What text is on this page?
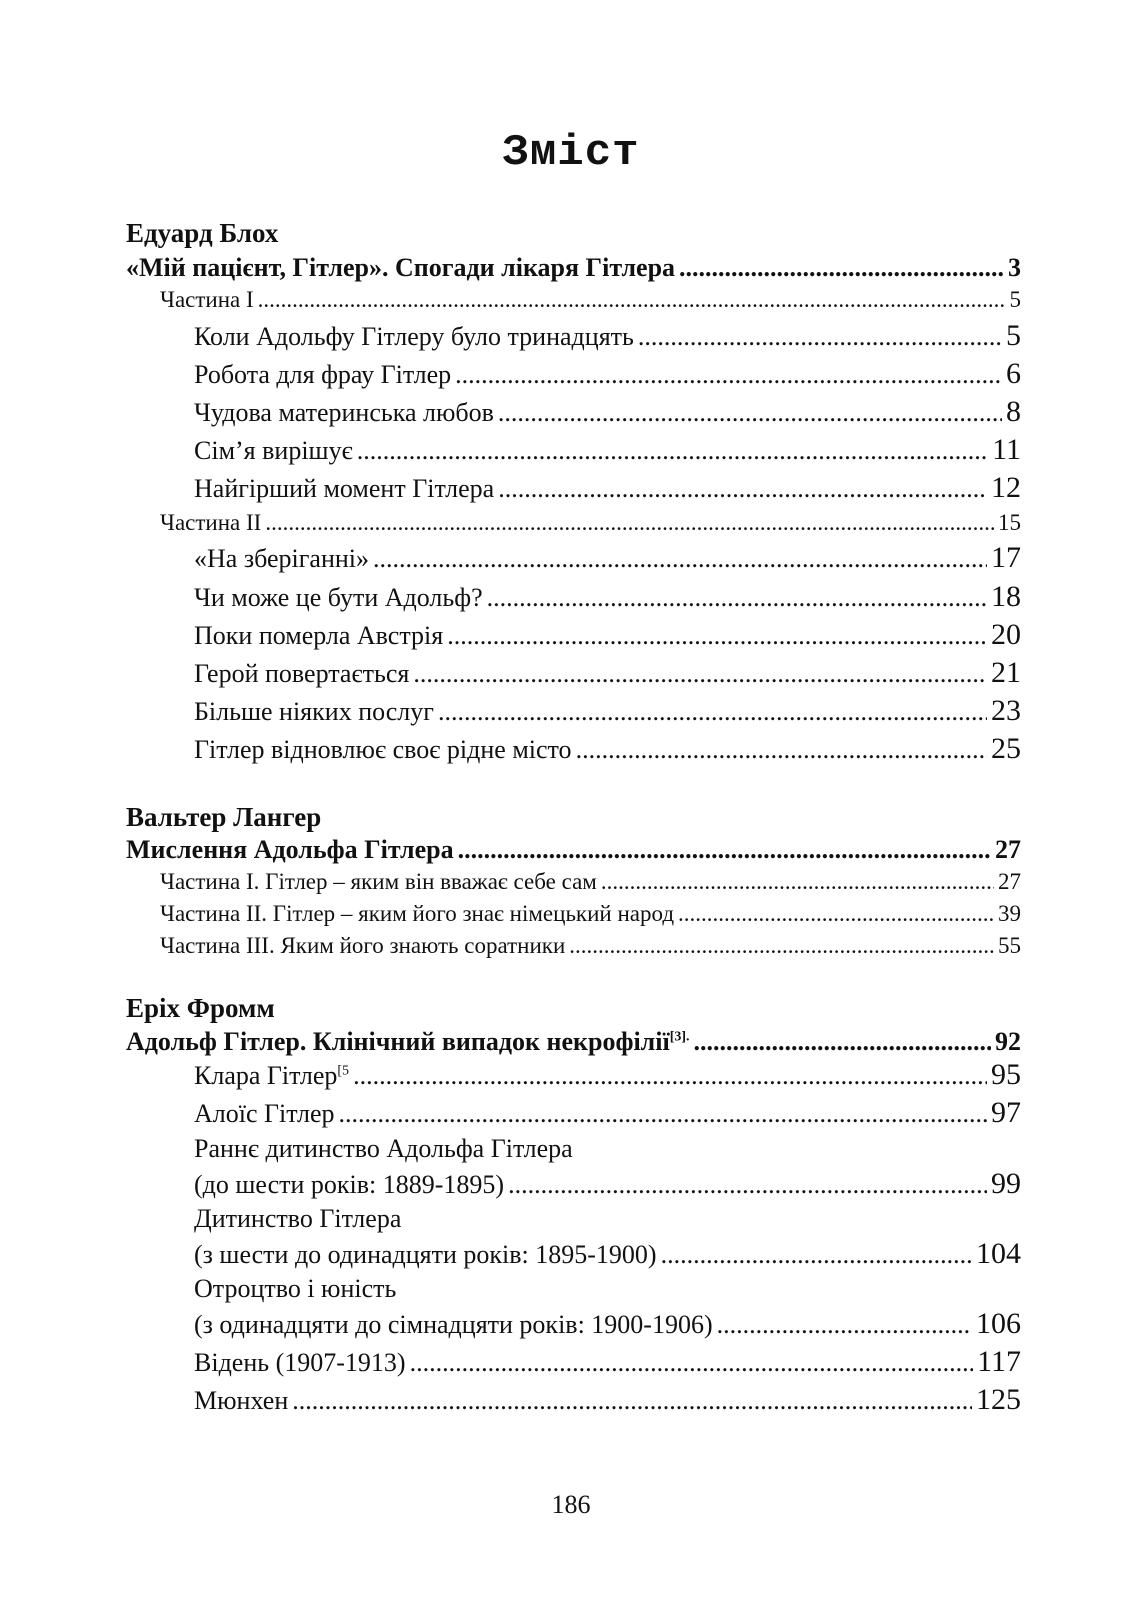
Зміст
Едуард Блох
«Мій пацієнт, Гітлер». Спогади лікаря Гітлера .....	3
Частина І .....	5
Коли Адольфу Гітлеру було тринадцять .....	5
Робота для фрау Гітлер .....	6
Чудова материнська любов .....	8
Сім’я вирішує .....	11
Найгірший момент Гітлера .....	12
Частина ІІ .....	15
«На зберіганні» .....	17
Чи може це бути Адольф? .....	18
Поки померла Австрія .....	20
Герой повертається .....	21
Більше ніяких послуг .....	23
Гітлер відновлює своє рідне місто .....	25
Вальтер Лангер
Мислення Адольфа Гітлера .....	27
Частина І. Гітлер – яким він вважає себе сам .....	27
Частина ІІ. Гітлер – яким його знає німецький народ .....	39
Частина ІІІ. Яким його знають соратники .....	55
Еріх Фромм
Адольф Гітлер. Клінічний випадок некрофілії$^{[3].}$ .....	92
Клара Гітлер$^{[5}$ .....	95
Алоїс Гітлер .....	97
Раннє дитинство Адольфа Гітлера
(до шести років: 1889-1895) .....	99
Дитинство Гітлера
(з шести до одинадцяти років: 1895-1900) .....	104
Отроцтво і юність
(з одинадцяти до сімнадцяти років: 1900-1906) .....	106
Відень (1907-1913) .....	117
Мюнхен .....	125
186
